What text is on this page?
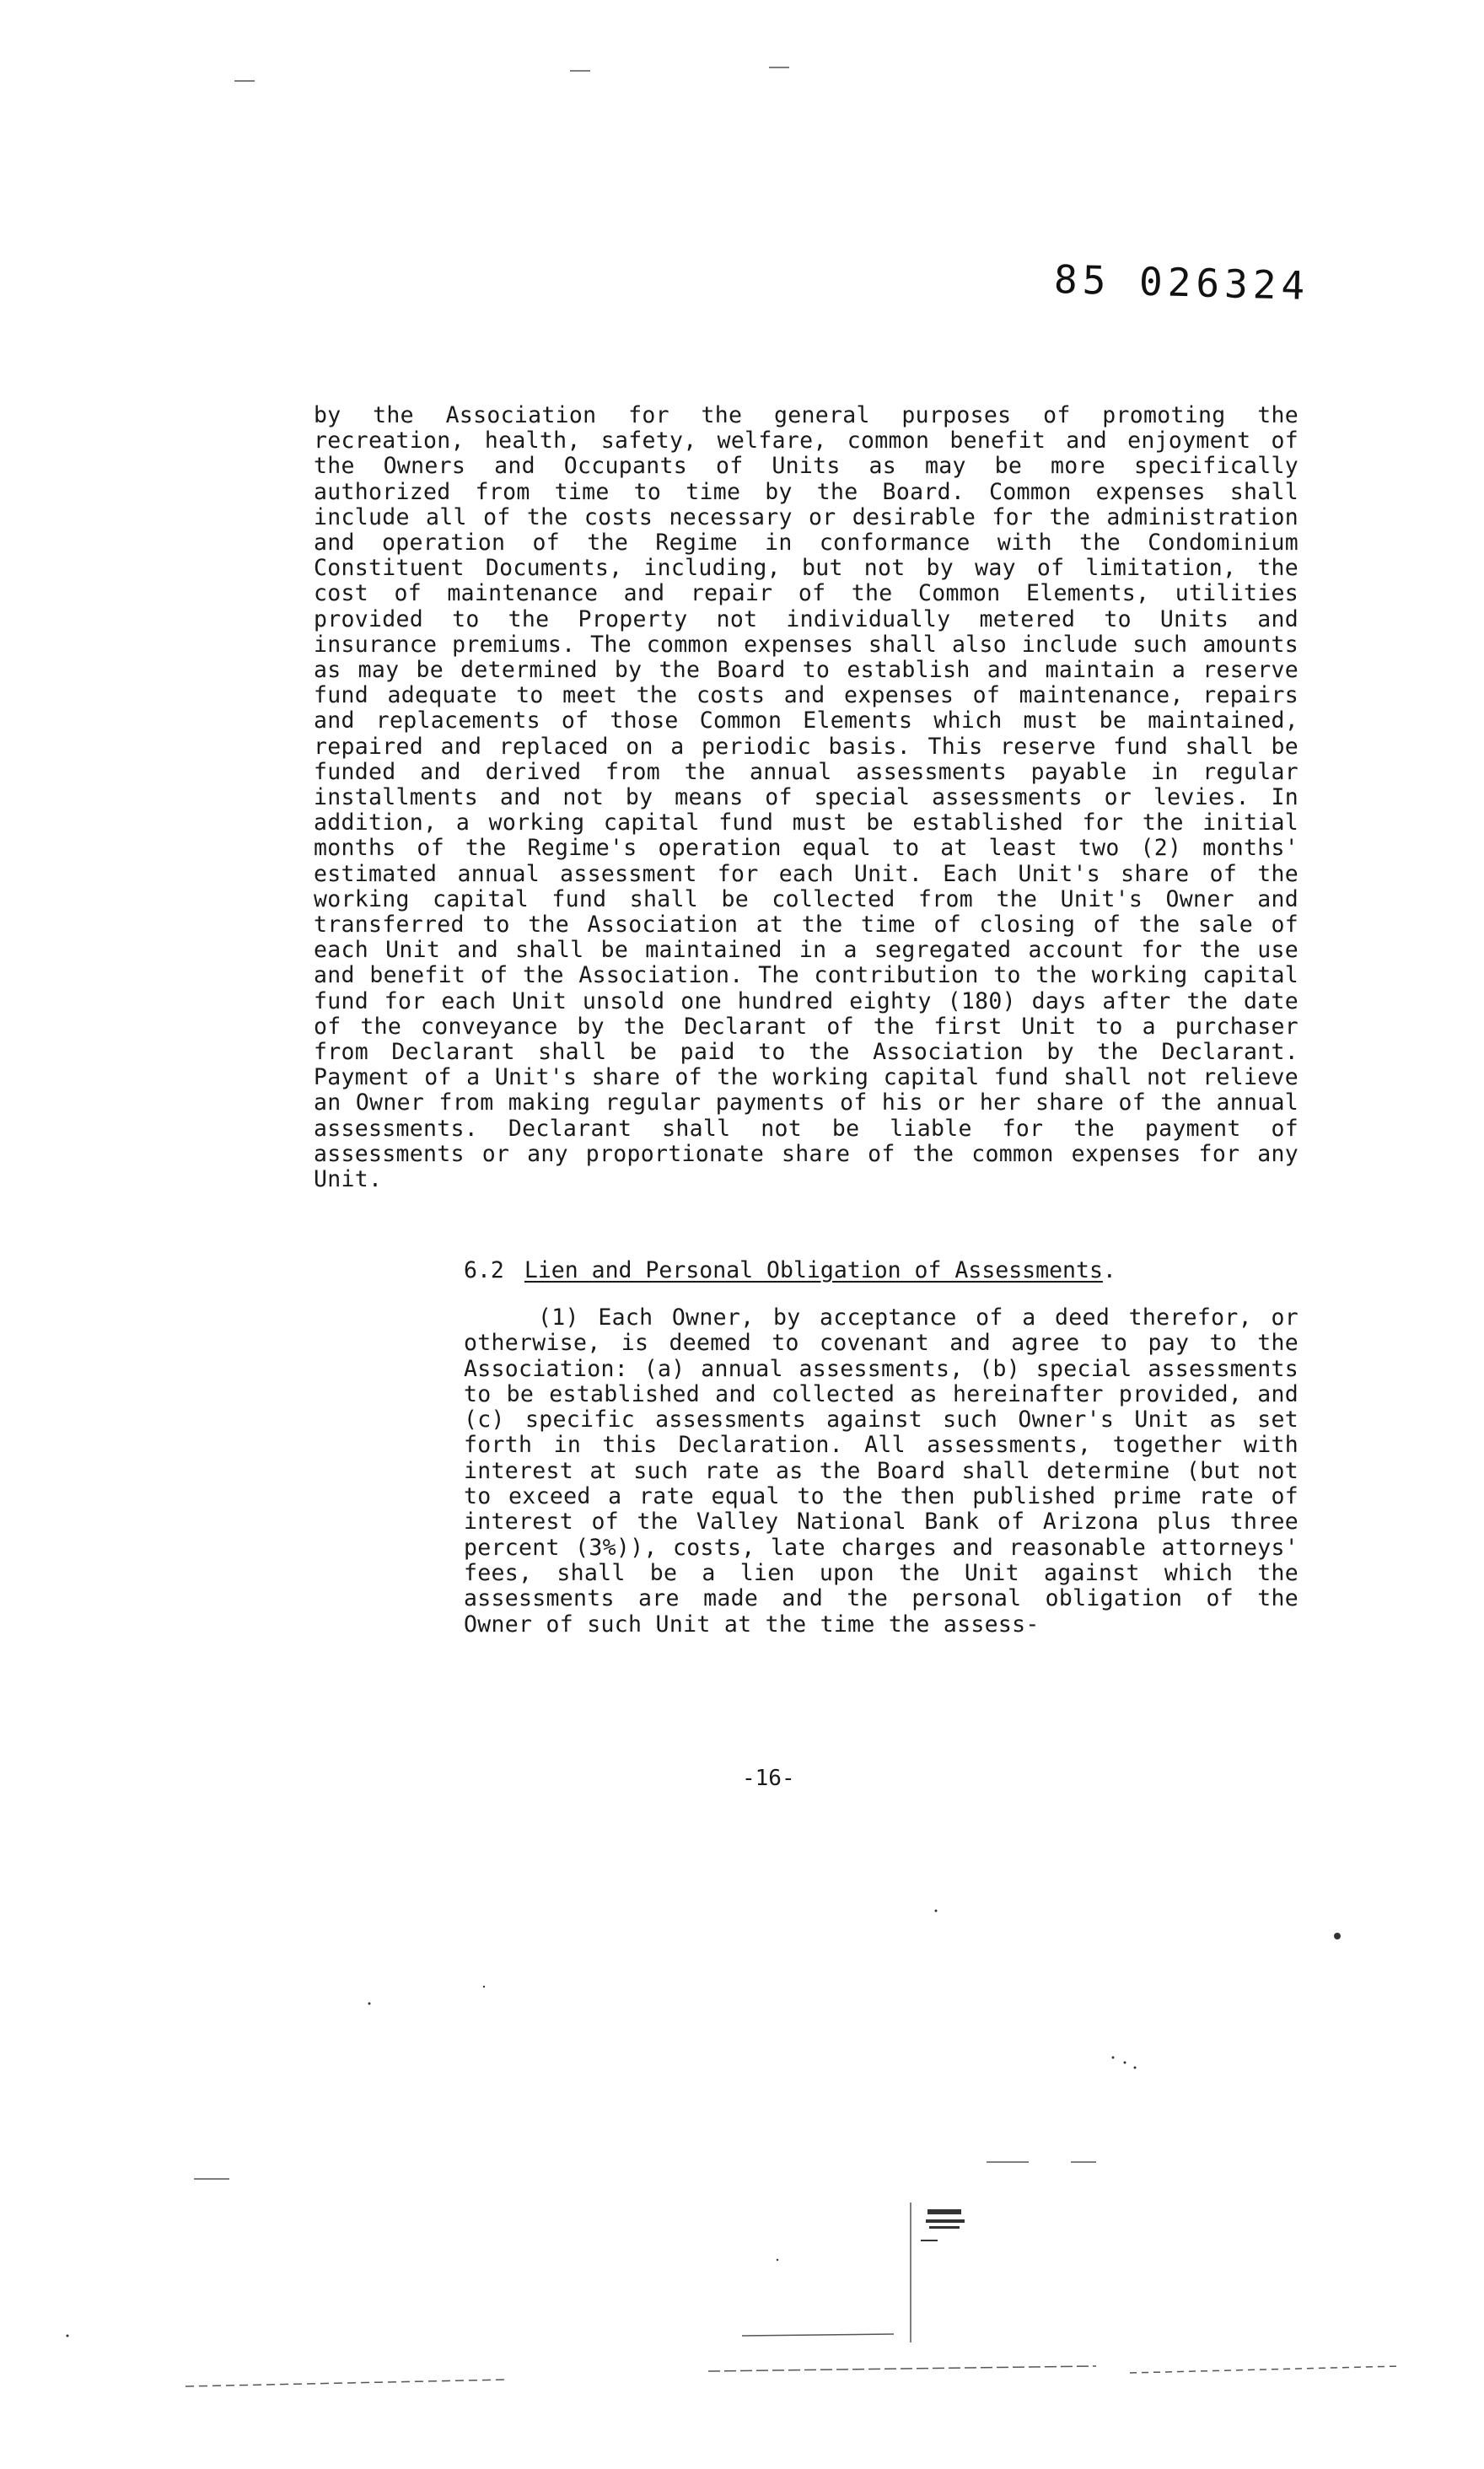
85 026324
by the Association for the general purposes of promoting the recreation, health, safety, welfare, common benefit and enjoyment of the Owners and Occupants of Units as may be more specifically authorized from time to time by the Board. Common expenses shall include all of the costs necessary or desirable for the administration and operation of the Regime in conformance with the Condominium Constituent Documents, including, but not by way of limitation, the cost of maintenance and repair of the Common Elements, utilities provided to the Property not individually metered to Units and insurance premiums. The common expenses shall also include such amounts as may be determined by the Board to establish and maintain a reserve fund adequate to meet the costs and expenses of maintenance, repairs and replacements of those Common Elements which must be maintained, repaired and replaced on a periodic basis. This reserve fund shall be funded and derived from the annual assessments payable in regular installments and not by means of special assessments or levies. In addition, a working capital fund must be established for the initial months of the Regime's operation equal to at least two (2) months' estimated annual assessment for each Unit. Each Unit's share of the working capital fund shall be collected from the Unit's Owner and transferred to the Association at the time of closing of the sale of each Unit and shall be maintained in a segregated account for the use and benefit of the Association. The contribution to the working capital fund for each Unit unsold one hundred eighty (180) days after the date of the conveyance by the Declarant of the first Unit to a purchaser from Declarant shall be paid to the Association by the Declarant. Payment of a Unit's share of the working capital fund shall not relieve an Owner from making regular payments of his or her share of the annual assessments. Declarant shall not be liable for the payment of assessments or any proportionate share of the common expenses for any Unit.
6.2 Lien and Personal Obligation of Assessments.
(1) Each Owner, by acceptance of a deed therefor, or otherwise, is deemed to covenant and agree to pay to the Association: (a) annual assessments, (b) special assessments to be established and collected as hereinafter provided, and (c) specific assessments against such Owner's Unit as set forth in this Declaration. All assessments, together with interest at such rate as the Board shall determine (but not to exceed a rate equal to the then published prime rate of interest of the Valley National Bank of Arizona plus three percent (3%)), costs, late charges and reasonable attorneys' fees, shall be a lien upon the Unit against which the assessments are made and the personal obligation of the Owner of such Unit at the time the assess-
-16-
